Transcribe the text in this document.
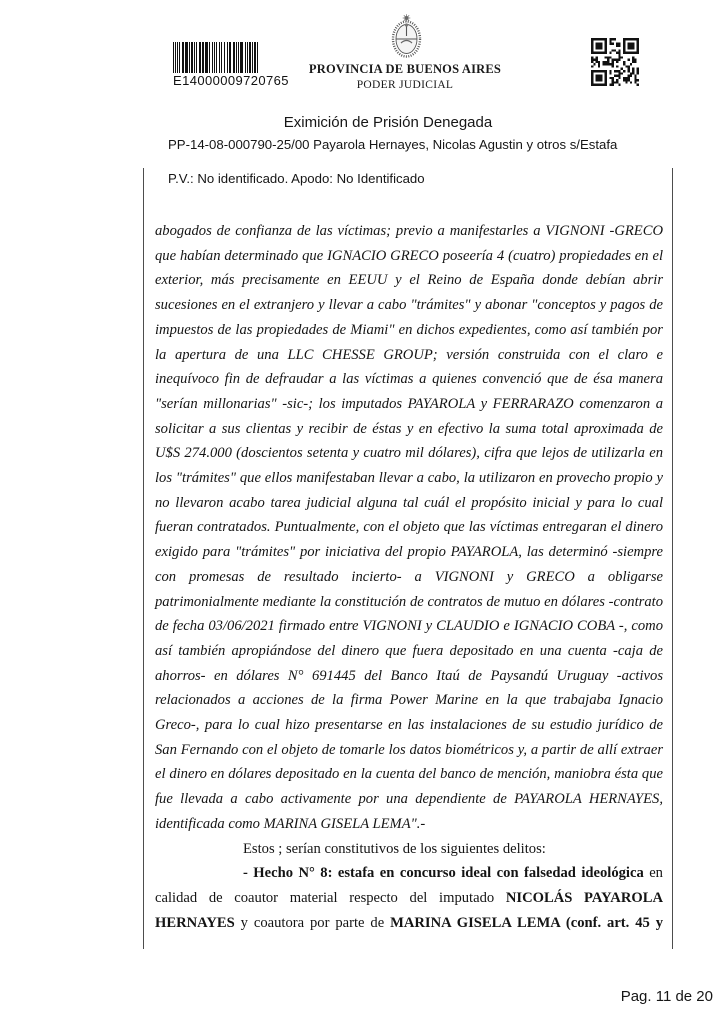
E14000009720765
PROVINCIA DE BUENOS AIRES
PODER JUDICIAL
Eximición de Prisión Denegada
PP-14-08-000790-25/00 Payarola Hernayes, Nicolas Agustin y otros s/Estafa
P.V.: No identificado. Apodo: No Identificado

abogados de confianza de las víctimas; previo a manifestarles a VIGNONI -GRECO que habían determinado que IGNACIO GRECO poseería 4 (cuatro) propiedades en el exterior, más precisamente en EEUU y el Reino de España donde debían abrir sucesiones en el extranjero y llevar a cabo "trámites" y abonar "conceptos y pagos de impuestos de las propiedades de Miami" en dichos expedientes, como así también por la apertura de una LLC CHESSE GROUP; versión construida con el claro e inequívoco fin de defraudar a las víctimas a quienes convenció que de ésa manera "serían millonarias" -sic-; los imputados PAYAROLA y FERRARAZO comenzaron a solicitar a sus clientas y recibir de éstas y en efectivo la suma total aproximada de U$S 274.000 (doscientos setenta y cuatro mil dólares), cifra que lejos de utilizarla en los "trámites" que ellos manifestaban llevar a cabo, la utilizaron en provecho propio y no llevaron acabo tarea judicial alguna tal cuál el propósito inicial y para lo cual fueran contratados. Puntualmente, con el objeto que las víctimas entregaran el dinero exigido para "trámites" por iniciativa del propio PAYAROLA, las determinó -siempre con promesas de resultado incierto- a VIGNONI y GRECO a obligarse patrimonialmente mediante la constitución de contratos de mutuo en dólares -contrato de fecha 03/06/2021 firmado entre VIGNONI y CLAUDIO e IGNACIO COBA -, como así también apropiándose del dinero que fuera depositado en una cuenta -caja de ahorros- en dólares N° 691445 del Banco Itaú de Paysandú Uruguay -activos relacionados a acciones de la firma Power Marine en la que trabajaba Ignacio Greco-, para lo cual hizo presentarse en las instalaciones de su estudio jurídico de San Fernando con el objeto de tomarle los datos biométricos y, a partir de allí extraer el dinero en dólares depositado en la cuenta del banco de mención, maniobra ésta que fue llevada a cabo activamente por una dependiente de PAYAROLA HERNAYES, identificada como MARINA GISELA LEMA".-

Estos ; serían constitutivos de los siguientes delitos:

- Hecho N° 8: estafa en concurso ideal con falsedad ideológica en calidad de coautor material respecto del imputado NICOLÁS PAYAROLA HERNAYES y coautora por parte de MARINA GISELA LEMA (conf. art. 45 y

Pag. 11 de 20
